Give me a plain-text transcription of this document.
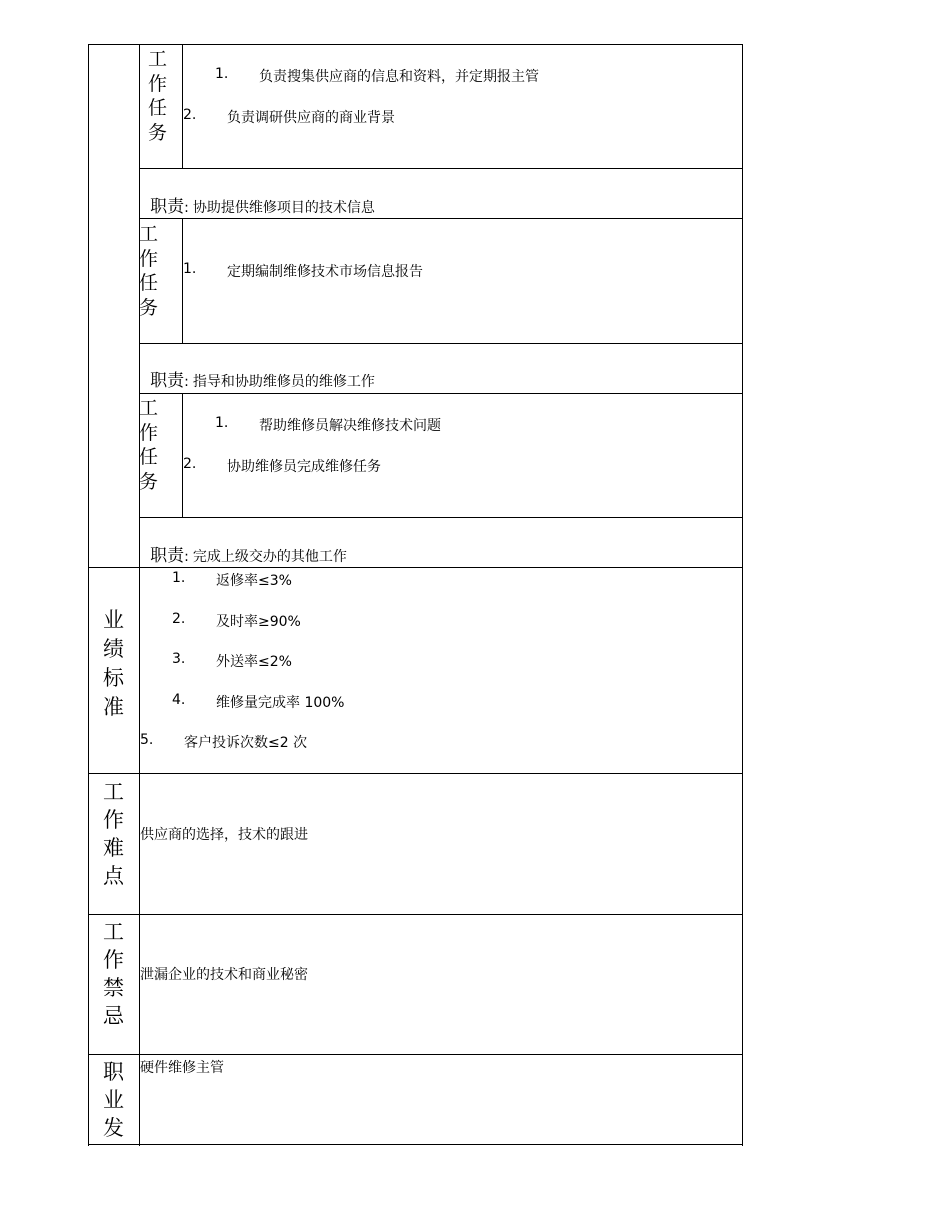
工
作
任
务
1. 负责搜集供应商的信息和资料，并定期报主管
2. 负责调研供应商的商业背景

职责: 协助提供维修项目的技术信息

工
作
任
务
1. 定期编制维修技术市场信息报告

职责: 指导和协助维修员的维修工作

工
作
任
务
1. 帮助维修员解决维修技术问题
2. 协助维修员完成维修任务

职责: 完成上级交办的其他工作

业
绩
标
准
1. 返修率≤3%
2. 及时率≥90%
3. 外送率≤2%
4. 维修量完成率 100%
5. 客户投诉次数≤2 次
工
作
难
点
供应商的选择，技术的跟进
工
作
禁
忌
泄漏企业的技术和商业秘密
职
业
发
硬件维修主管
